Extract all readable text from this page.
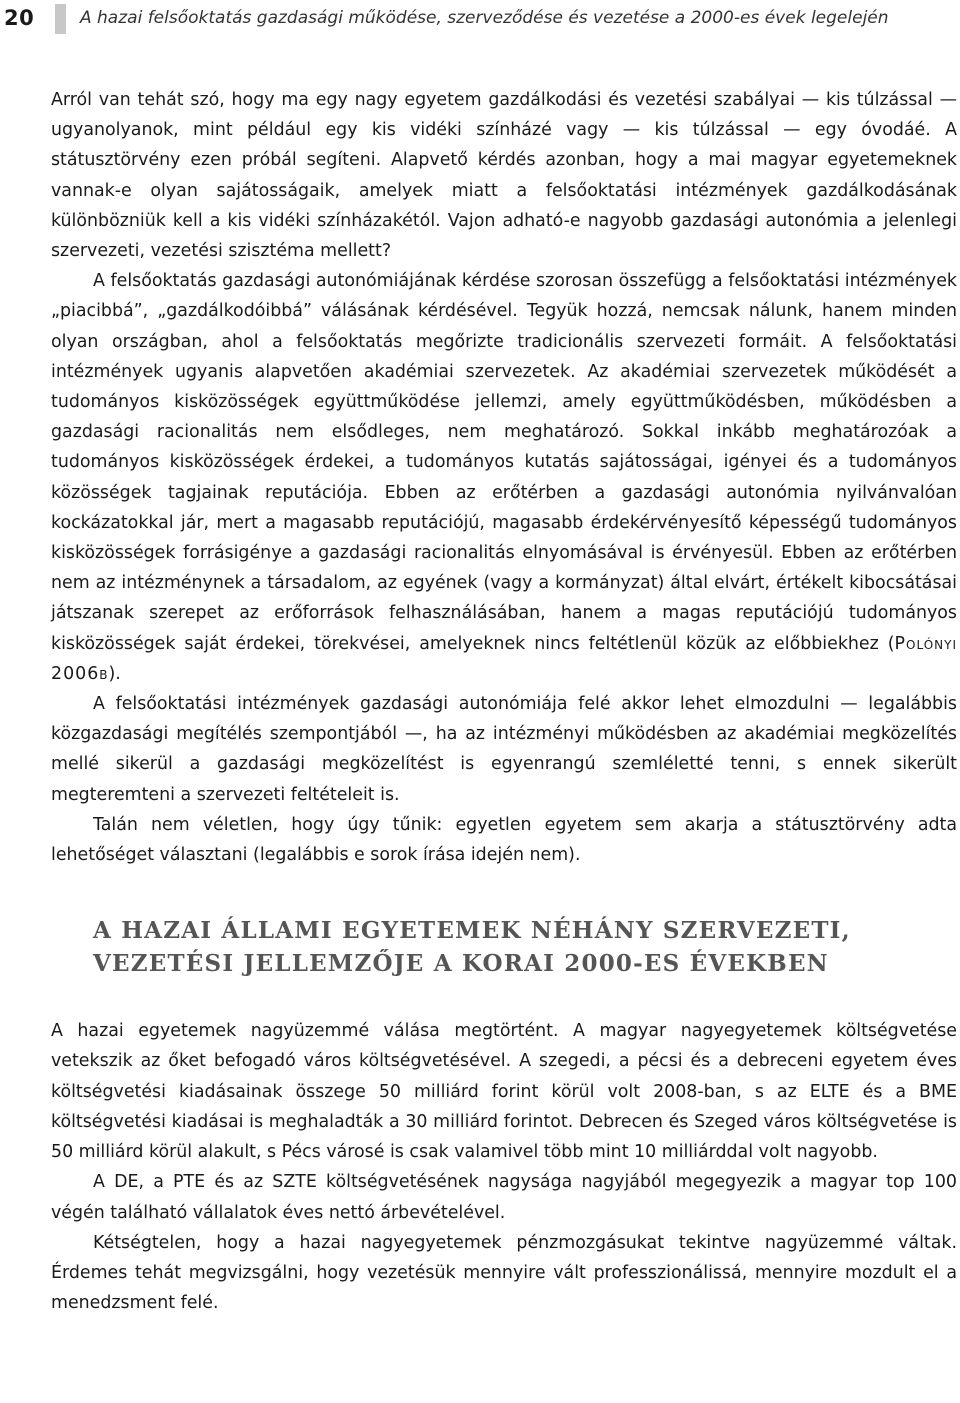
20	A hazai felsőoktatás gazdasági működése, szerveződése és vezetése a 2000-es évek legelején

Arról van tehát szó, hogy ma egy nagy egyetem gazdálkodási és vezetési szabályai — kis túlzással — ugyanolyanok, mint például egy kis vidéki színházé vagy — kis túlzással — egy óvodáé. A státusztörvény ezen próbál segíteni. Alapvető kérdés azonban, hogy a mai magyar egyetemeknek vannak-e olyan sajátosságaik, amelyek miatt a felsőoktatási intézmények gazdálkodásának különbözniük kell a kis vidéki színházakétól. Vajon adható-e nagyobb gazdasági autonómia a jelenlegi szervezeti, vezetési szisztéma mellett?

A felsőoktatás gazdasági autonómiájának kérdése szorosan összefügg a felsőoktatási intézmények „piacibbá”, „gazdálkodóibbá” válásának kérdésével. Tegyük hozzá, nemcsak nálunk, hanem minden olyan országban, ahol a felsőoktatás megőrizte tradicionális szervezeti formáit. A felsőoktatási intézmények ugyanis alapvetően akadémiai szervezetek. Az akadémiai szervezetek működését a tudományos kisközösségek együttműködése jellemzi, amely együttműködésben, működésben a gazdasági racionalitás nem elsődleges, nem meghatározó. Sokkal inkább meghatározóak a tudományos kisközösségek érdekei, a tudományos kutatás sajátosságai, igényei és a tudományos közösségek tagjainak reputációja. Ebben az erőtérben a gazdasági autonómia nyilvánvalóan kockázatokkal jár, mert a magasabb reputációjú, magasabb érdekérvényesítő képességű tudományos kisközösségek forrásigénye a gazdasági racionalitás elnyomásával is érvényesül. Ebben az erőtérben nem az intézménynek a társadalom, az egyének (vagy a kormányzat) által elvárt, értékelt kibocsátásai játszanak szerepet az erőforrások felhasználásában, hanem a magas reputációjú tudományos kisközösségek saját érdekei, törekvései, amelyeknek nincs feltétlenül közük az előbbiekhez (Polónyi 2006b).

A felsőoktatási intézmények gazdasági autonómiája felé akkor lehet elmozdulni — legalábbis közgazdasági megítélés szempontjából —, ha az intézményi működésben az akadémiai megközelítés mellé sikerül a gazdasági megközelítést is egyenrangú szemléletté tenni, s ennek sikerült megteremteni a szervezeti feltételeit is.

Talán nem véletlen, hogy úgy tűnik: egyetlen egyetem sem akarja a státusztörvény adta lehetőséget választani (legalábbis e sorok írása idején nem).

A HAZAI ÁLLAMI EGYETEMEK NÉHÁNY SZERVEZETI, VEZETÉSI JELLEMZŐJE A KORAI 2000-ES ÉVEKBEN

A hazai egyetemek nagyüzemmé válása megtörtént. A magyar nagyegyetemek költségvetése vetekszik az őket befogadó város költségvetésével. A szegedi, a pécsi és a debreceni egyetem éves költségvetési kiadásainak összege 50 milliárd forint körül volt 2008-ban, s az ELTE és a BME költségvetési kiadásai is meghaladták a 30 milliárd forintot. Debrecen és Szeged város költségvetése is 50 milliárd körül alakult, s Pécs városé is csak valamivel több mint 10 milliárddal volt nagyobb.

A DE, a PTE és az SZTE költségvetésének nagysága nagyjából megegyezik a magyar top 100 végén található vállalatok éves nettó árbevételével.

Kétségtelen, hogy a hazai nagyegyetemek pénzmozgásukat tekintve nagyüzemmé váltak. Érdemes tehát megvizsgálni, hogy vezetésük mennyire vált professzionálissá, mennyire mozdult el a menedzsment felé.
